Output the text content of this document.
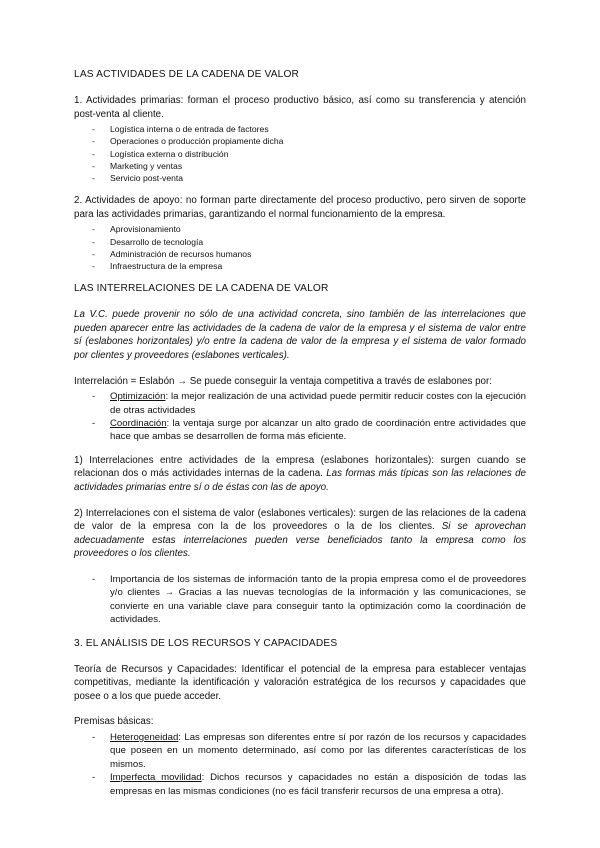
LAS ACTIVIDADES DE LA CADENA DE VALOR
1. Actividades primarias: forman el proceso productivo básico, así como su transferencia y atención post-venta al cliente.
- Logística interna o de entrada de factores
- Operaciones o producción propiamente dicha
- Logística externa o distribución
- Marketing y ventas
- Servicio post-venta
2. Actividades de apoyo: no forman parte directamente del proceso productivo, pero sirven de soporte para las actividades primarias, garantizando el normal funcionamiento de la empresa.
- Aprovisionamiento
- Desarrollo de tecnología
- Administración de recursos humanos
- Infraestructura de la empresa
LAS INTERRELACIONES DE LA CADENA DE VALOR
La V.C. puede provenir no sólo de una actividad concreta, sino también de las interrelaciones que pueden aparecer entre las actividades de la cadena de valor de la empresa y el sistema de valor entre sí (eslabones horizontales) y/o entre la cadena de valor de la empresa y el sistema de valor formado por clientes y proveedores (eslabones verticales).
Interrelación = Eslabón → Se puede conseguir la ventaja competitiva a través de eslabones por:
- Optimización: la mejor realización de una actividad puede permitir reducir costes con la ejecución de otras actividades
- Coordinación: la ventaja surge por alcanzar un alto grado de coordinación entre actividades que hace que ambas se desarrollen de forma más eficiente.
1) Interrelaciones entre actividades de la empresa (eslabones horizontales): surgen cuando se relacionan dos o más actividades internas de la cadena. Las formas más típicas son las relaciones de actividades primarias entre sí o de éstas con las de apoyo.
2) Interrelaciones con el sistema de valor (eslabones verticales): surgen de las relaciones de la cadena de valor de la empresa con la de los proveedores o la de los clientes. Si se aprovechan adecuadamente estas interrelaciones pueden verse beneficiados tanto la empresa como los proveedores o los clientes.
- Importancia de los sistemas de información tanto de la propia empresa como el de proveedores y/o clientes → Gracias a las nuevas tecnologías de la información y las comunicaciones, se convierte en una variable clave para conseguir tanto la optimización como la coordinación de actividades.
3. EL ANÁLISIS DE LOS RECURSOS Y CAPACIDADES
Teoría de Recursos y Capacidades: Identificar el potencial de la empresa para establecer ventajas competitivas, mediante la identificación y valoración estratégica de los recursos y capacidades que posee o a los que puede acceder.
Premisas básicas:
- Heterogeneidad: Las empresas son diferentes entre sí por razón de los recursos y capacidades que poseen en un momento determinado, así como por las diferentes características de los mismos.
- Imperfecta movilidad: Dichos recursos y capacidades no están a disposición de todas las empresas en las mismas condiciones (no es fácil transferir recursos de una empresa a otra).
